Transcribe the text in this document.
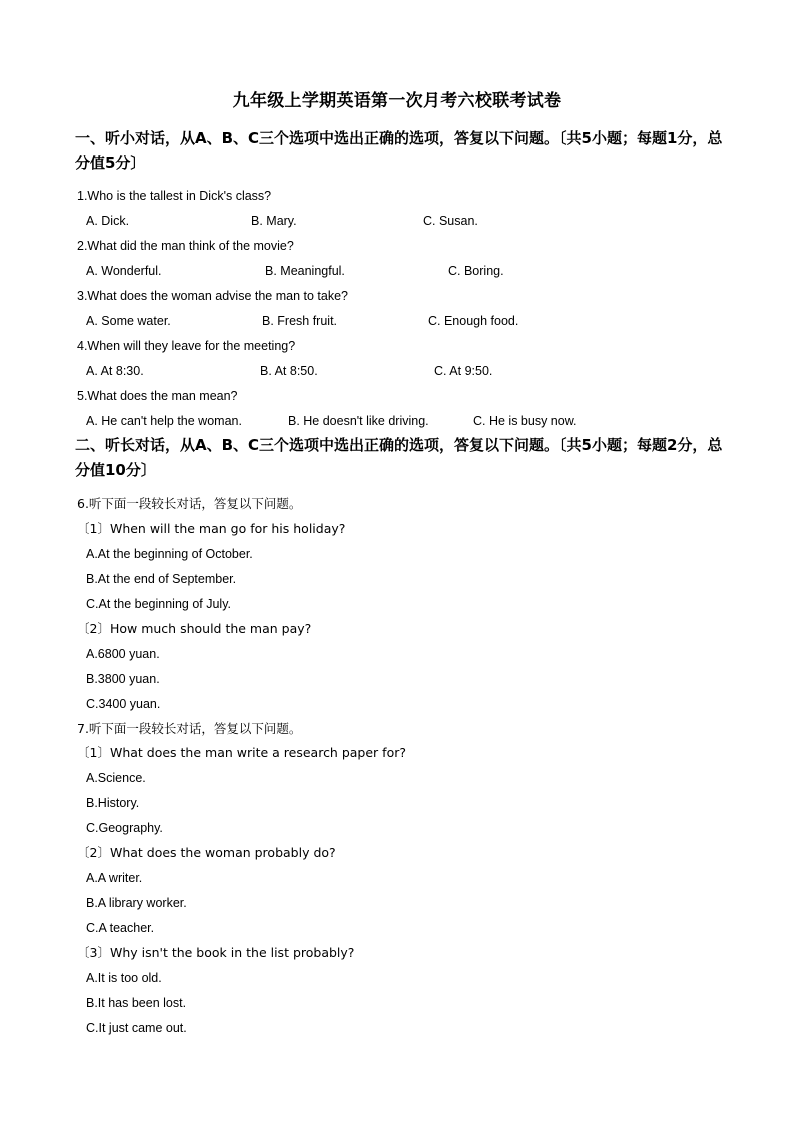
九年级上学期英语第一次月考六校联考试卷
一、听小对话，从A、B、C三个选项中选出正确的选项，答复以下问题。〔共5小题；每题1分，总分值5分〕
1.Who is the tallest in Dick's class?
A. Dick.	B. Mary.	C. Susan.
2.What did the man think of the movie?
A. Wonderful.	B. Meaningful.	C. Boring.
3.What does the woman advise the man to take?
A. Some water.	B. Fresh fruit.	C. Enough food.
4.When will they leave for the meeting?
A. At 8:30.	B. At 8:50.	C. At 9:50.
5.What does the man mean?
A. He can't help the woman.	B. He doesn't like driving.	C. He is busy now.
二、听长对话，从A、B、C三个选项中选出正确的选项，答复以下问题。〔共5小题；每题2分，总分值10分〕
6.听下面一段较长对话，答复以下问题。
〔1〕When will the man go for his holiday?
A.At the beginning of October.
B.At the end of September.
C.At the beginning of July.
〔2〕How much should the man pay?
A.6800 yuan.
B.3800 yuan.
C.3400 yuan.
7.听下面一段较长对话，答复以下问题。
〔1〕What does the man write a research paper for?
A.Science.
B.History.
C.Geography.
〔2〕What does the woman probably do?
A.A writer.
B.A library worker.
C.A teacher.
〔3〕Why isn't the book in the list probably?
A.It is too old.
B.It has been lost.
C.It just came out.
